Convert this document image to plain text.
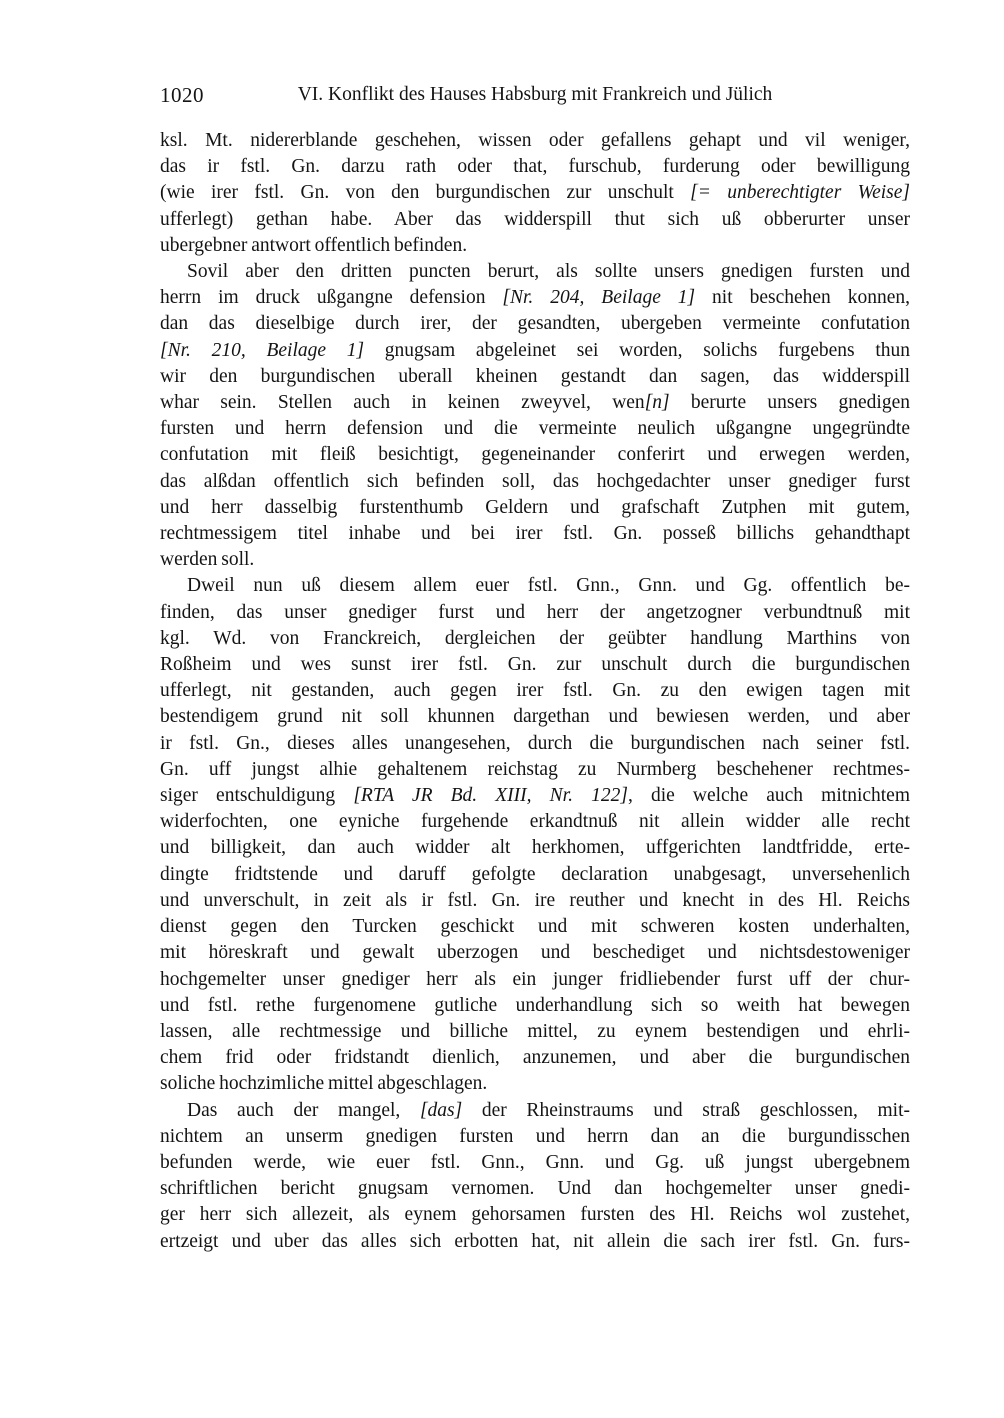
1020	VI. Konflikt des Hauses Habsburg mit Frankreich und Jülich
ksl. Mt. nidererblande geschehen, wissen oder gefallens gehapt und vil weniger,
das ir fstl. Gn. darzu rath oder that, furschub, furderung oder bewilligung
(wie irer fstl. Gn. von den burgundischen zur unschult [= unberechtigter Weise]
ufferlegt) gethan habe. Aber das widderspill thut sich uß obberurter unser
ubergebner antwort offentlich befinden.
Sovil aber den dritten puncten berurt, als sollte unsers gnedigen fursten und
herrn im druck ußgangne defension [Nr. 204, Beilage 1] nit beschehen konnen,
dan das dieselbige durch irer, der gesandten, ubergeben vermeinte confutation
[Nr. 210, Beilage 1] gnugsam abgeleinet sei worden, solichs furgebens thun
wir den burgundischen uberall kheinen gestandt dan sagen, das widderspill
whar sein. Stellen auch in keinen zweyvel, wen[n] berurte unsers gnedigen
fursten und herrn defension und die vermeinte neulich ußgangne ungegründte
confutation mit fleiß besichtigt, gegeneinander conferirt und erwegen werden,
das alßdan offentlich sich befinden soll, das hochgedachter unser gnediger furst
und herr dasselbig furstenthumb Geldern und grafschaft Zutphen mit gutem,
rechtmessigem titel inhabe und bei irer fstl. Gn. posseß billichs gehandthapt
werden soll.
Dweil nun uß diesem allem euer fstl. Gnn., Gnn. und Gg. offentlich be-
finden, das unser gnediger furst und herr der angetzogner verbundtnuß mit
kgl. Wd. von Franckreich, dergleichen der geübter handlung Marthins von
Roßheim und wes sunst irer fstl. Gn. zur unschult durch die burgundischen
ufferlegt, nit gestanden, auch gegen irer fstl. Gn. zu den ewigen tagen mit
bestendigem grund nit soll khunnen dargethan und bewiesen werden, und aber
ir fstl. Gn., dieses alles unangesehen, durch die burgundischen nach seiner fstl.
Gn. uff jungst alhie gehaltenem reichstag zu Nurmberg beschehener rechtmes-
siger entschuldigung [RTA JR Bd. XIII, Nr. 122], die welche auch mitnichtem
widerfochten, one eyniche furgehende erkandtnuß nit allein widder alle recht
und billigkeit, dan auch widder alt herkhomen, uffgerichten landtfridde, erte-
dingte fridtstende und daruff gefolgte declaration unabgesagt, unversehenlich
und unverschult, in zeit als ir fstl. Gn. ire reuther und knecht in des Hl. Reichs
dienst gegen den Turcken geschickt und mit schweren kosten underhalten,
mit höreskraft und gewalt uberzogen und beschediget und nichtsdestoweniger
hochgemelter unser gnediger herr als ein junger fridliebender furst uff der chur-
und fstl. rethe furgenomene gutliche underhandlung sich so weith hat bewegen
lassen, alle rechtmessige und billiche mittel, zu eynem bestendigen und ehrli-
chem frid oder fridstandt dienlich, anzunemen, und aber die burgundischen
soliche hochzimliche mittel abgeschlagen.
Das auch der mangel, [das] der Rheinstraums und straß geschlossen, mit-
nichtem an unserm gnedigen fursten und herrn dan an die burgundisschen
befunden werde, wie euer fstl. Gnn., Gnn. und Gg. uß jungst ubergebnem
schriftlichen bericht gnugsam vernomen. Und dan hochgemelter unser gnedi-
ger herr sich allezeit, als eynem gehorsamen fursten des Hl. Reichs wol zustehet,
ertzeigt und uber das alles sich erbotten hat, nit allein die sach irer fstl. Gn. furs-
